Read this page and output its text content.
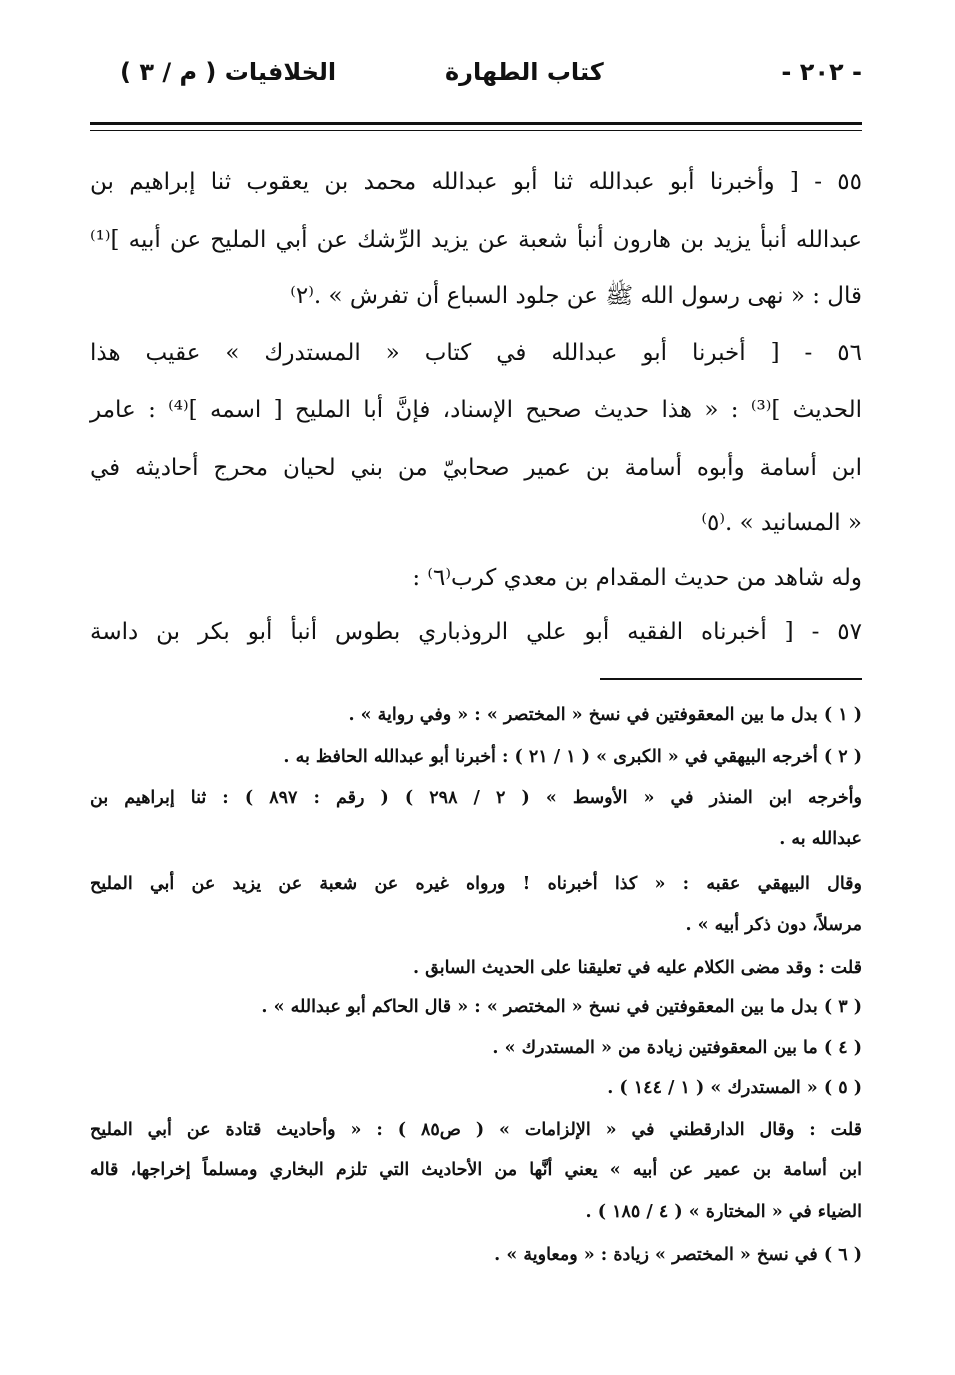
- ٢٠٢ -
كتاب الطهارة
الخلافيات ( م / ٣ )
٥٥ - [ وأخبرنا أبو عبدالله ثنا أبو عبدالله محمد بن يعقوب ثنا إبراهيم بن
عبدالله أنبأ يزيد بن هارون أنبأ شعبة عن يزيد الرِّشك عن أبي المليح عن أبيه ]⁽¹⁾
قال : « نهى رسول الله ﷺ عن جلود السباع أن تفرش » .⁽٢⁾
٥٦ - [ أخبرنا أبو عبدالله في كتاب « المستدرك » عقيب هذا
الحديث ]⁽³⁾ : « هذا حديث صحيح الإسناد، فإنَّ أبا المليح [ اسمه ]⁽⁴⁾ : عامر
ابن أسامة وأبوه أسامة بن عمير صحابيّ من بني لحيان محرج أحاديثه في
« المسانيد » .⁽٥⁾
وله شاهد من حديث المقدام بن معدي كرب⁽٦⁾ :
٥٧ - [ أخبرناه الفقيه أبو علي الروذباري بطوس أنبأ أبو بكر بن داسة
( ١ ) بدل ما بين المعقوفتين في نسخ « المختصر » : « وفي رواية » .
( ٢ ) أخرجه البيهقي في « الكبرى » ( ١ / ٢١ ) : أخبرنا أبو عبدالله الحافظ به .
وأخرجه ابن المنذر في « الأوسط » ( ٢ / ٢٩٨ ) ( رقم : ٨٩٧ ) : ثنا إبراهيم بن
عبدالله به .
وقال البيهقي عقبه : « كذا أخبرناه ! ورواه غيره عن شعبة عن يزيد عن أبي المليح
مرسلاً، دون ذكر أبيه » .
قلت : وقد مضى الكلام عليه في تعليقنا على الحديث السابق .
( ٣ ) بدل ما بين المعقوفتين في نسخ « المختصر » : « قال الحاكم أبو عبدالله » .
( ٤ ) ما بين المعقوفتين زيادة من « المستدرك » .
( ٥ ) « المستدرك » ( ١ / ١٤٤ ) .
قلت : وقال الدارقطني في « الإلزامات » ( ص٨٥ ) : « وأحاديث قتادة عن أبي المليح
ابن أسامة بن عمير عن أبيه » يعني أنَّها من الأحاديث التي تلزم البخاري ومسلماً إخراجها، قاله
الضياء في « المختارة » ( ٤ / ١٨٥ ) .
( ٦ ) في نسخ « المختصر » زيادة : « ومعاوية » .
